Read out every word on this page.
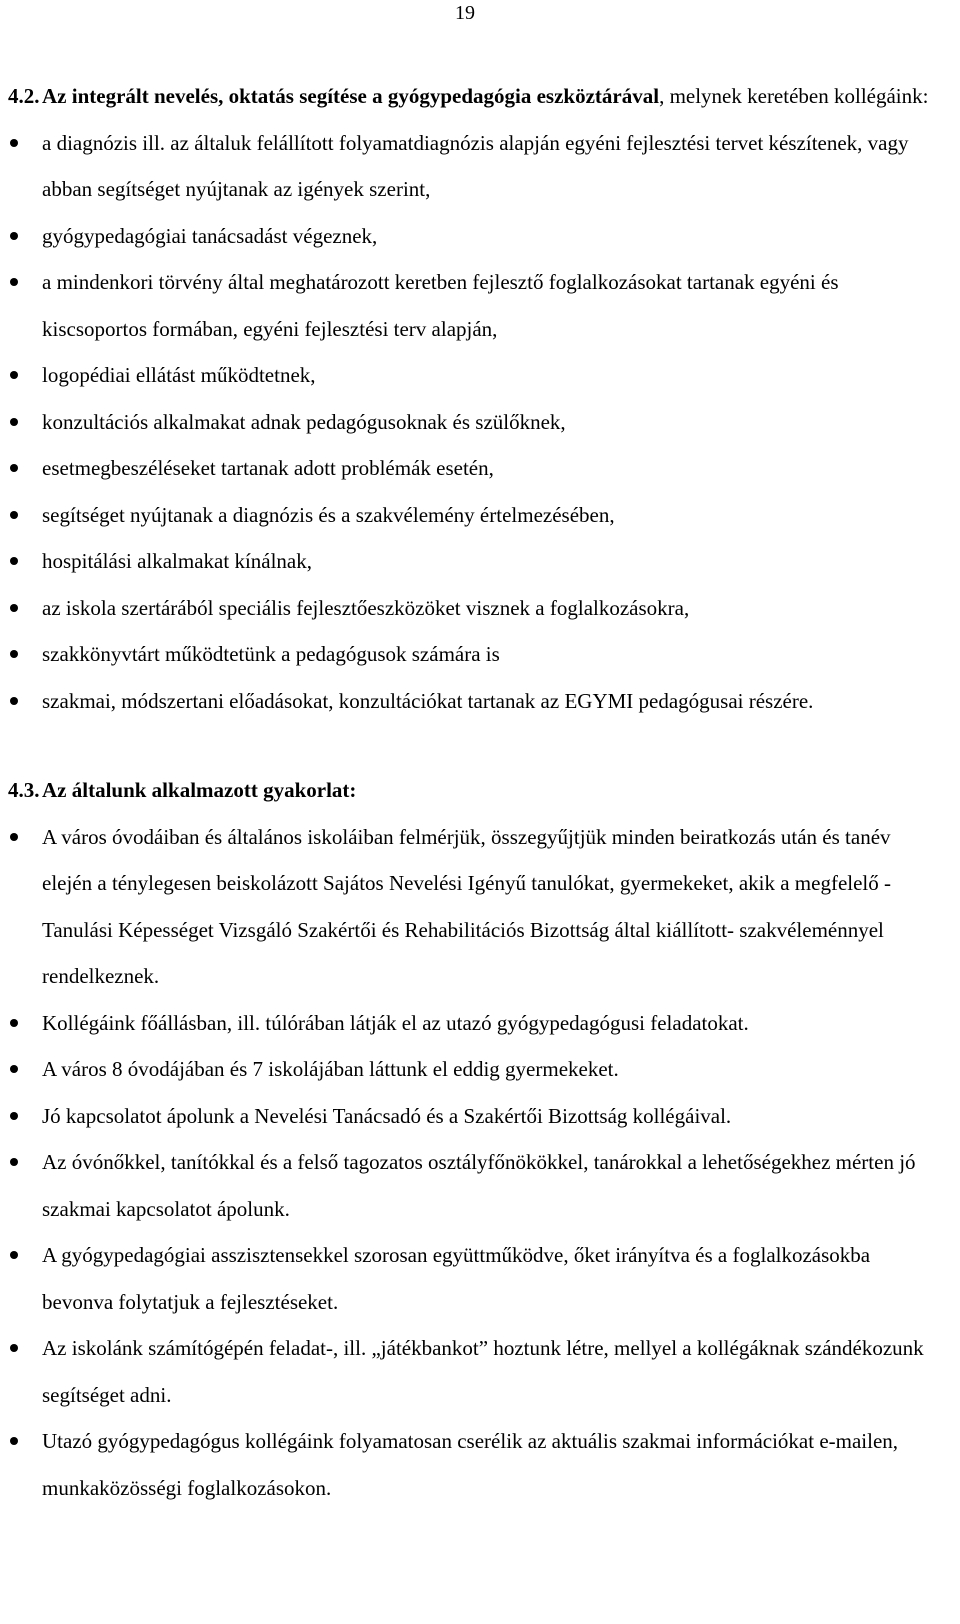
19
4.2. Az integrált nevelés, oktatás segítése a gyógypedagógia eszköztárával, melynek keretében kollégáink:
a diagnózis ill. az általuk felállított folyamatdiagnózis alapján egyéni fejlesztési tervet készítenek, vagy abban segítséget nyújtanak az igények szerint,
gyógypedagógiai tanácsadást végeznek,
a mindenkori törvény által meghatározott keretben fejlesztő foglalkozásokat tartanak egyéni és kiscsoportos formában, egyéni fejlesztési terv alapján,
logopédiai ellátást működtetnek,
konzultációs alkalmakat adnak pedagógusoknak és szülőknek,
esetmegbeszéléseket tartanak adott problémák esetén,
segítséget nyújtanak a diagnózis és a szakvélemény értelmezésében,
hospitálási alkalmakat kínálnak,
az iskola szertárából speciális fejlesztőeszközöket visznek a foglalkozásokra,
szakkönyvtárt működtetünk a pedagógusok számára is
szakmai, módszertani előadásokat, konzultációkat tartanak az EGYMI pedagógusai részére.
4.3. Az általunk alkalmazott gyakorlat:
A város óvodáiban és általános iskoláiban felmérjük, összegyűjtjük minden beiratkozás után és tanév elején a ténylegesen beiskolázott Sajátos Nevelési Igényű tanulókat, gyermekeket, akik a megfelelő -Tanulási Képességet Vizsgáló Szakértői és Rehabilitációs Bizottság által kiállított- szakvéleménnyel rendelkeznek.
Kollégáink főállásban, ill. túlórában látják el az utazó gyógypedagógusi feladatokat.
A város 8 óvodájában és 7 iskolájában láttunk el eddig gyermekeket.
Jó kapcsolatot ápolunk a Nevelési Tanácsadó és a Szakértői Bizottság kollégáival.
Az óvónőkkel, tanítókkal és a felső tagozatos osztályfőnökökkel, tanárokkal a lehetőségekhez mérten jó szakmai kapcsolatot ápolunk.
A gyógypedagógiai asszisztensekkel szorosan együttműködve, őket irányítva és a foglalkozásokba bevonva folytatjuk a fejlesztéseket.
Az iskolánk számítógépén feladat-, ill. „játékbankot” hoztunk létre, mellyel a kollégáknak szándékozunk segítséget adni.
Utazó gyógypedagógus kollégáink folyamatosan cserélik az aktuális szakmai információkat e-mailen, munkaközösségi foglalkozásokon.
